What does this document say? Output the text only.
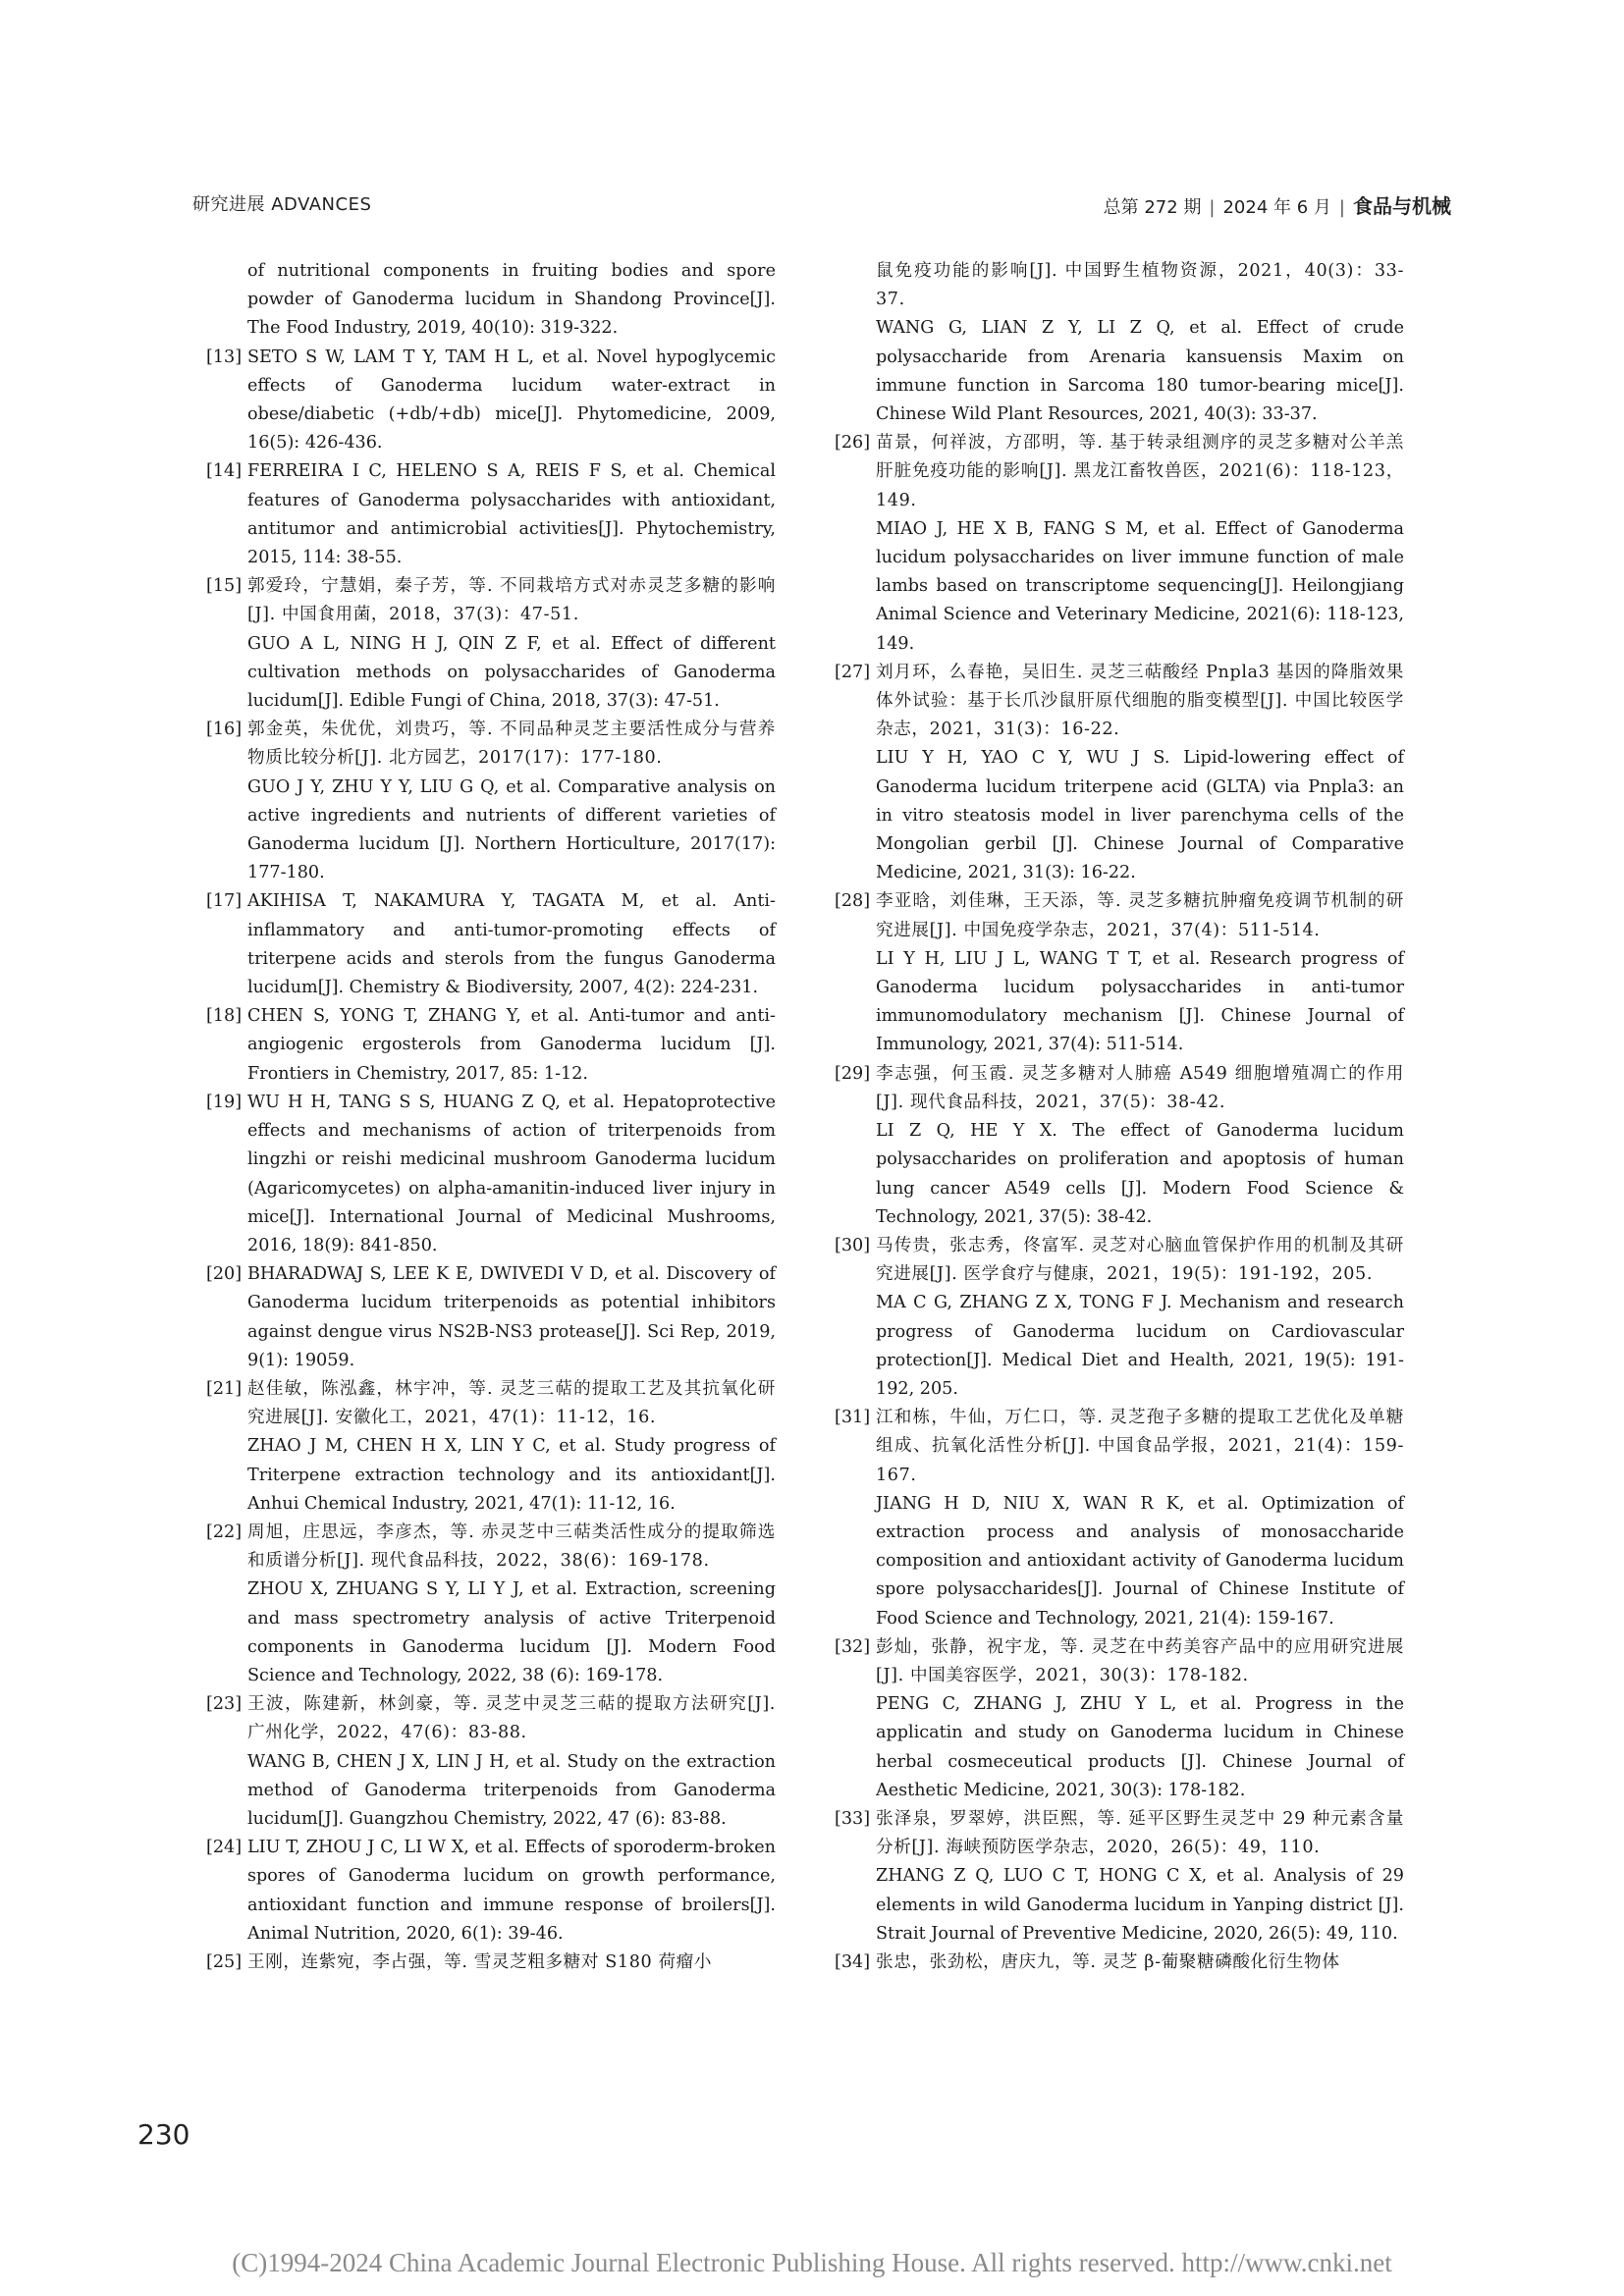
研究进展 ADVANCES	总第 272 期 | 2024 年 6 月 | 食品与机械
of nutritional components in fruiting bodies and spore powder of Ganoderma lucidum in Shandong Province[J]. The Food Industry, 2019, 40(10): 319-322.
[13] SETO S W, LAM T Y, TAM H L, et al. Novel hypoglycemic effects of Ganoderma lucidum water-extract in obese/diabetic (+db/+db) mice[J]. Phytomedicine, 2009, 16(5): 426-436.
[14] FERREIRA I C, HELENO S A, REIS F S, et al. Chemical features of Ganoderma polysaccharides with antioxidant, antitumor and antimicrobial activities[J]. Phytochemistry, 2015, 114: 38-55.
[15] 郭爱玲，宁慧娟，秦子芳，等. 不同栽培方式对赤灵芝多糖的影响[J]. 中国食用菌，2018，37(3)：47-51.
GUO A L, NING H J, QIN Z F, et al. Effect of different cultivation methods on polysaccharides of Ganoderma lucidum[J]. Edible Fungi of China, 2018, 37(3): 47-51.
[16] 郭金英，朱优优，刘贵巧，等. 不同品种灵芝主要活性成分与营养物质比较分析[J]. 北方园艺，2017(17)：177-180.
GUO J Y, ZHU Y Y, LIU G Q, et al. Comparative analysis on active ingredients and nutrients of different varieties of Ganoderma lucidum [J]. Northern Horticulture, 2017(17): 177-180.
[17] AKIHISA T, NAKAMURA Y, TAGATA M, et al. Anti-inflammatory and anti-tumor-promoting effects of triterpene acids and sterols from the fungus Ganoderma lucidum[J]. Chemistry & Biodiversity, 2007, 4(2): 224-231.
[18] CHEN S, YONG T, ZHANG Y, et al. Anti-tumor and anti-angiogenic ergosterols from Ganoderma lucidum [J]. Frontiers in Chemistry, 2017, 85: 1-12.
[19] WU H H, TANG S S, HUANG Z Q, et al. Hepatoprotective effects and mechanisms of action of triterpenoids from lingzhi or reishi medicinal mushroom Ganoderma lucidum (Agaricomycetes) on alpha-amanitin-induced liver injury in mice[J]. International Journal of Medicinal Mushrooms, 2016, 18(9): 841-850.
[20] BHARADWAJ S, LEE K E, DWIVEDI V D, et al. Discovery of Ganoderma lucidum triterpenoids as potential inhibitors against dengue virus NS2B-NS3 protease[J]. Sci Rep, 2019, 9(1): 19059.
[21] 赵佳敏，陈泓鑫，林宇冲，等. 灵芝三萜的提取工艺及其抗氧化研究进展[J]. 安徽化工，2021，47(1)：11-12，16.
ZHAO J M, CHEN H X, LIN Y C, et al. Study progress of Triterpene extraction technology and its antioxidant[J]. Anhui Chemical Industry, 2021, 47(1): 11-12, 16.
[22] 周旭，庄思远，李彦杰，等. 赤灵芝中三萜类活性成分的提取筛选和质谱分析[J]. 现代食品科技，2022，38(6)：169-178.
ZHOU X, ZHUANG S Y, LI Y J, et al. Extraction, screening and mass spectrometry analysis of active Triterpenoid components in Ganoderma lucidum [J]. Modern Food Science and Technology, 2022, 38 (6): 169-178.
[23] 王波，陈建新，林剑豪，等. 灵芝中灵芝三萜的提取方法研究[J]. 广州化学，2022，47(6)：83-88.
WANG B, CHEN J X, LIN J H, et al. Study on the extraction method of Ganoderma triterpenoids from Ganoderma lucidum[J]. Guangzhou Chemistry, 2022, 47 (6): 83-88.
[24] LIU T, ZHOU J C, LI W X, et al. Effects of sporoderm-broken spores of Ganoderma lucidum on growth performance, antioxidant function and immune response of broilers[J]. Animal Nutrition, 2020, 6(1): 39-46.
[25] 王刚，连紫宛，李占强，等. 雪灵芝粗多糖对 S180 荷瘤小
鼠免疫功能的影响[J]. 中国野生植物资源，2021，40(3)：33-37.
WANG G, LIAN Z Y, LI Z Q, et al. Effect of crude polysaccharide from Arenaria kansuensis Maxim on immune function in Sarcoma 180 tumor-bearing mice[J]. Chinese Wild Plant Resources, 2021, 40(3): 33-37.
[26] 苗景，何祥波，方邵明，等. 基于转录组测序的灵芝多糖对公羊羔肝脏免疫功能的影响[J]. 黑龙江畜牧兽医，2021(6)：118-123，149.
MIAO J, HE X B, FANG S M, et al. Effect of Ganoderma lucidum polysaccharides on liver immune function of male lambs based on transcriptome sequencing[J]. Heilongjiang Animal Science and Veterinary Medicine, 2021(6): 118-123, 149.
[27] 刘月环，么春艳，吴旧生. 灵芝三萜酸经 Pnpla3 基因的降脂效果体外试验：基于长爪沙鼠肝原代细胞的脂变模型[J]. 中国比较医学杂志，2021，31(3)：16-22.
LIU Y H, YAO C Y, WU J S. Lipid-lowering effect of Ganoderma lucidum triterpene acid (GLTA) via Pnpla3: an in vitro steatosis model in liver parenchyma cells of the Mongolian gerbil [J]. Chinese Journal of Comparative Medicine, 2021, 31(3): 16-22.
[28] 李亚晗，刘佳琳，王天添，等. 灵芝多糖抗肿瘤免疫调节机制的研究进展[J]. 中国免疫学杂志，2021，37(4)：511-514.
LI Y H, LIU J L, WANG T T, et al. Research progress of Ganoderma lucidum polysaccharides in anti-tumor immunomodulatory mechanism [J]. Chinese Journal of Immunology, 2021, 37(4): 511-514.
[29] 李志强，何玉霞. 灵芝多糖对人肺癌 A549 细胞增殖凋亡的作用[J]. 现代食品科技，2021，37(5)：38-42.
LI Z Q, HE Y X. The effect of Ganoderma lucidum polysaccharides on proliferation and apoptosis of human lung cancer A549 cells [J]. Modern Food Science & Technology, 2021, 37(5): 38-42.
[30] 马传贵，张志秀，佟富军. 灵芝对心脑血管保护作用的机制及其研究进展[J]. 医学食疗与健康，2021，19(5)：191-192，205.
MA C G, ZHANG Z X, TONG F J. Mechanism and research progress of Ganoderma lucidum on Cardiovascular protection[J]. Medical Diet and Health, 2021, 19(5): 191-192, 205.
[31] 江和栋，牛仙，万仁口，等. 灵芝孢子多糖的提取工艺优化及单糖组成、抗氧化活性分析[J]. 中国食品学报，2021，21(4)：159-167.
JIANG H D, NIU X, WAN R K, et al. Optimization of extraction process and analysis of monosaccharide composition and antioxidant activity of Ganoderma lucidum spore polysaccharides[J]. Journal of Chinese Institute of Food Science and Technology, 2021, 21(4): 159-167.
[32] 彭灿，张静，祝宇龙，等. 灵芝在中药美容产品中的应用研究进展[J]. 中国美容医学，2021，30(3)：178-182.
PENG C, ZHANG J, ZHU Y L, et al. Progress in the applicatin and study on Ganoderma lucidum in Chinese herbal cosmeceutical products [J]. Chinese Journal of Aesthetic Medicine, 2021, 30(3): 178-182.
[33] 张泽泉，罗翠婷，洪臣熙，等. 延平区野生灵芝中 29 种元素含量分析[J]. 海峡预防医学杂志，2020，26(5)：49，110.
ZHANG Z Q, LUO C T, HONG C X, et al. Analysis of 29 elements in wild Ganoderma lucidum in Yanping district [J]. Strait Journal of Preventive Medicine, 2020, 26(5): 49, 110.
[34] 张忠，张劲松，唐庆九，等. 灵芝 β-葡聚糖磷酸化衍生物体
230
(C)1994-2024 China Academic Journal Electronic Publishing House. All rights reserved. http://www.cnki.net
